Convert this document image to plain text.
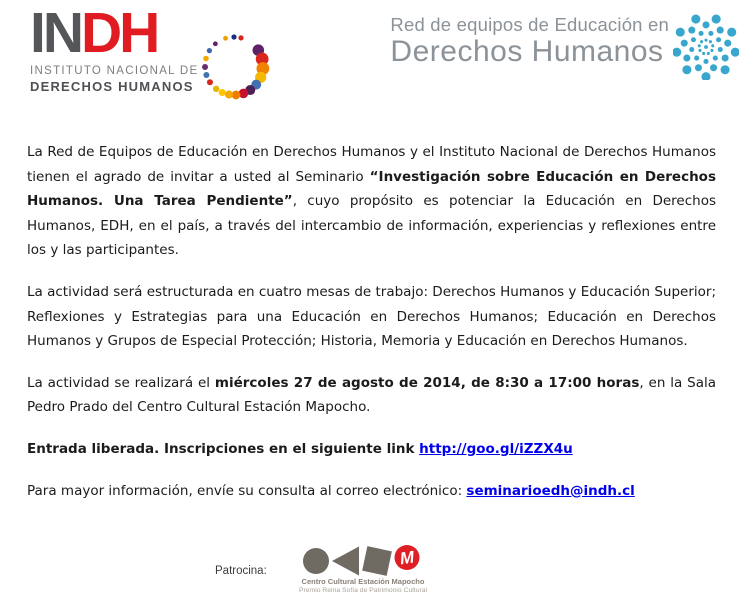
INDH
INSTITUTO NACIONAL DE
DERECHOS HUMANOS
Red de equipos de Educación en
Derechos Humanos

La Red de Equipos de Educación en Derechos Humanos y el Instituto Nacional de Derechos Humanos tienen el agrado de invitar a usted al Seminario “Investigación sobre Educación en Derechos Humanos. Una Tarea Pendiente”, cuyo propósito es potenciar la Educación en Derechos Humanos, EDH, en el país, a través del intercambio de información, experiencias y reflexiones entre los y las participantes.

La actividad será estructurada en cuatro mesas de trabajo: Derechos Humanos y Educación Superior; Reflexiones y Estrategias para una Educación en Derechos Humanos; Educación en Derechos Humanos y Grupos de Especial Protección; Historia, Memoria y Educación en Derechos Humanos.

La actividad se realizará el miércoles 27 de agosto de 2014, de 8:30 a 17:00 horas, en la Sala Pedro Prado del Centro Cultural Estación Mapocho.

Entrada liberada. Inscripciones en el siguiente link http://goo.gl/iZZX4u

Para mayor información, envíe su consulta al correo electrónico: seminarioedh@indh.cl

Patrocina:
M
Centro Cultural Estación Mapocho
Premio Reina Sofía de Patrimonio Cultural
